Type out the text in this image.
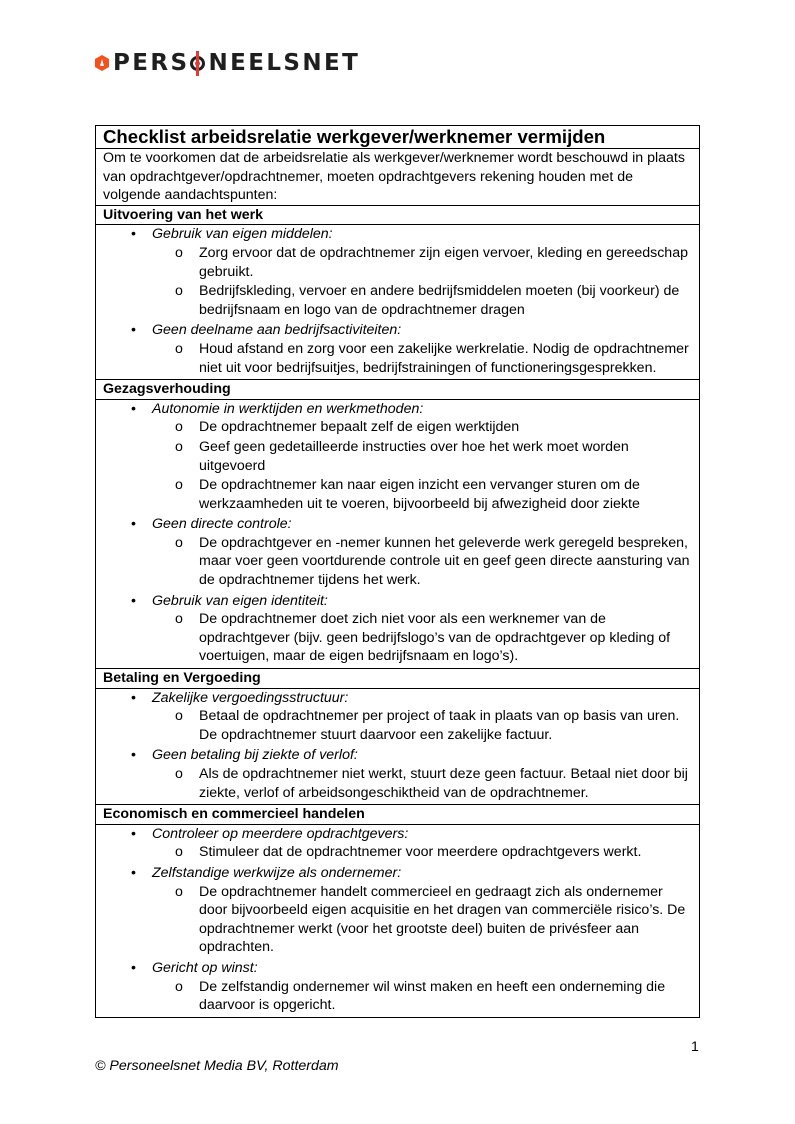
PERS NEELSNET
Checklist arbeidsrelatie werkgever/werknemer vermijden
Om te voorkomen dat de arbeidsrelatie als werkgever/werknemer wordt beschouwd in plaats van opdrachtgever/opdrachtnemer, moeten opdrachtgevers rekening houden met de volgende aandachtspunten:
Uitvoering van het werk

• Gebruik van eigen middelen:
o Zorg ervoor dat de opdrachtnemer zijn eigen vervoer, kleding en gereedschap gebruikt.
o Bedrijfskleding, vervoer en andere bedrijfsmiddelen moeten (bij voorkeur) de bedrijfsnaam en logo van de opdrachtnemer dragen
• Geen deelname aan bedrijfsactiviteiten:
o Houd afstand en zorg voor een zakelijke werkrelatie. Nodig de opdrachtnemer niet uit voor bedrijfsuitjes, bedrijfstrainingen of functioneringsgesprekken.

Gezagsverhouding

• Autonomie in werktijden en werkmethoden:
o De opdrachtnemer bepaalt zelf de eigen werktijden
o Geef geen gedetailleerde instructies over hoe het werk moet worden uitgevoerd
o De opdrachtnemer kan naar eigen inzicht een vervanger sturen om de werkzaamheden uit te voeren, bijvoorbeeld bij afwezigheid door ziekte
• Geen directe controle:
o De opdrachtgever en -nemer kunnen het geleverde werk geregeld bespreken, maar voer geen voortdurende controle uit en geef geen directe aansturing van de opdrachtnemer tijdens het werk.
• Gebruik van eigen identiteit:
o De opdrachtnemer doet zich niet voor als een werknemer van de opdrachtgever (bijv. geen bedrijfslogo’s van de opdrachtgever op kleding of voertuigen, maar de eigen bedrijfsnaam en logo’s).

Betaling en Vergoeding

• Zakelijke vergoedingsstructuur:
o Betaal de opdrachtnemer per project of taak in plaats van op basis van uren. De opdrachtnemer stuurt daarvoor een zakelijke factuur.
• Geen betaling bij ziekte of verlof:
o Als de opdrachtnemer niet werkt, stuurt deze geen factuur. Betaal niet door bij ziekte, verlof of arbeidsongeschiktheid van de opdrachtnemer.

Economisch en commercieel handelen

• Controleer op meerdere opdrachtgevers:
o Stimuleer dat de opdrachtnemer voor meerdere opdrachtgevers werkt.
• Zelfstandige werkwijze als ondernemer:
o De opdrachtnemer handelt commercieel en gedraagt zich als ondernemer door bijvoorbeeld eigen acquisitie en het dragen van commerciële risico’s. De opdrachtnemer werkt (voor het grootste deel) buiten de privésfeer aan opdrachten.
• Gericht op winst:
o De zelfstandig ondernemer wil winst maken en heeft een onderneming die daarvoor is opgericht.
1
© Personeelsnet Media BV, Rotterdam
